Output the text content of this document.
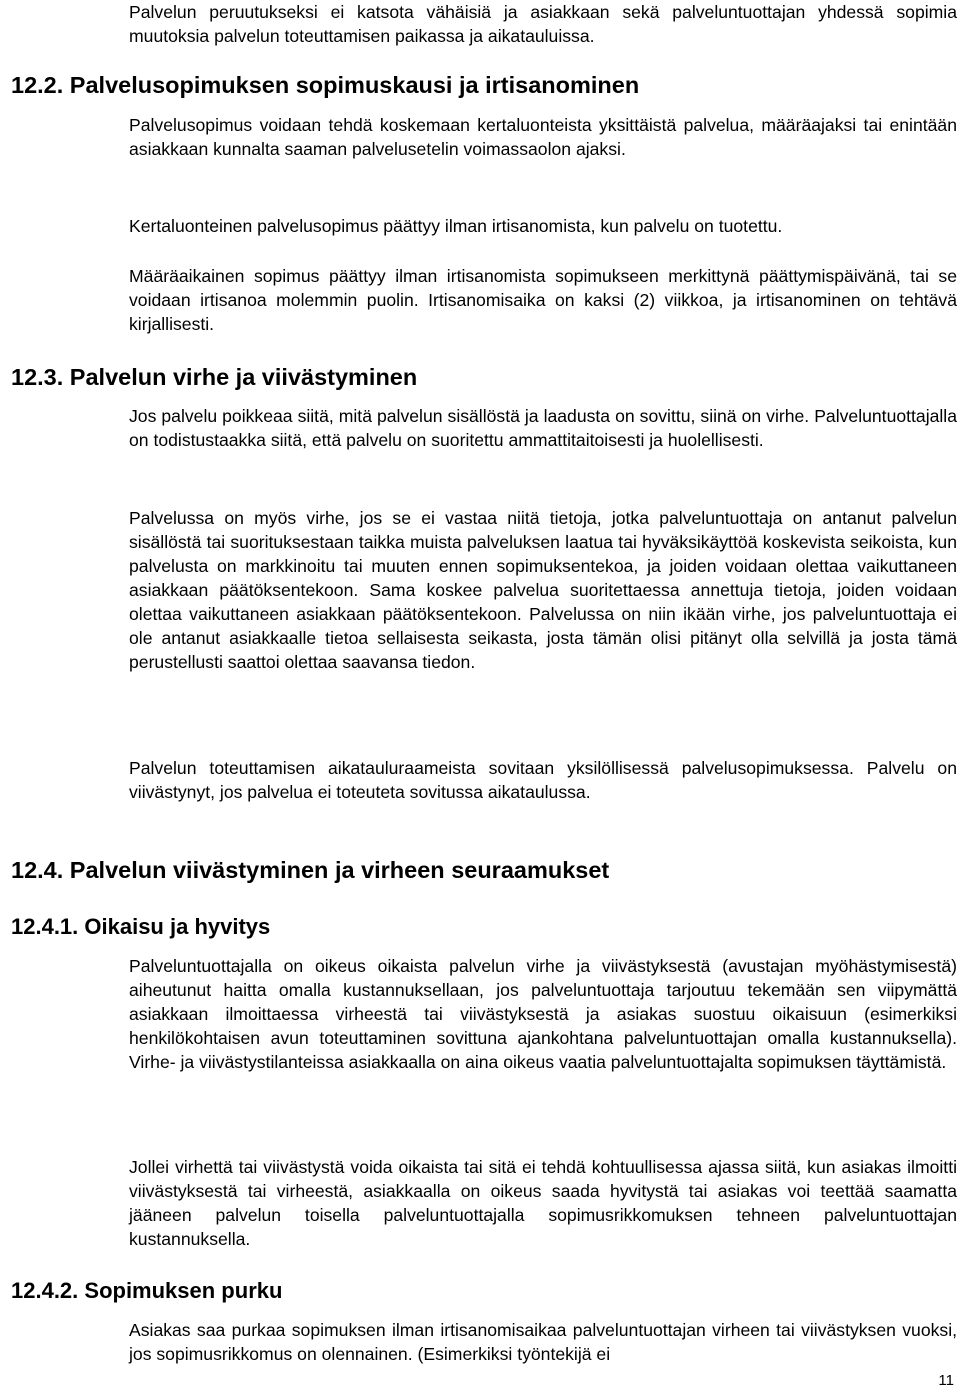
Palvelun peruutukseksi ei katsota vähäisiä ja asiakkaan sekä palveluntuottajan yhdessä sopimia muutoksia palvelun toteuttamisen paikassa ja aikatauluissa.

12.2. Palvelusopimuksen sopimuskausi ja irtisanominen

Palvelusopimus voidaan tehdä koskemaan kertaluonteista yksittäistä palvelua, määräajaksi tai enintään asiakkaan kunnalta saaman palvelusetelin voimassaolon ajaksi.

Kertaluonteinen palvelusopimus päättyy ilman irtisanomista, kun palvelu on tuotettu.

Määräaikainen sopimus päättyy ilman irtisanomista sopimukseen merkittynä päättymispäivänä, tai se voidaan irtisanoa molemmin puolin. Irtisanomisaika on kaksi (2) viikkoa, ja irtisanominen on tehtävä kirjallisesti.

12.3. Palvelun virhe ja viivästyminen

Jos palvelu poikkeaa siitä, mitä palvelun sisällöstä ja laadusta on sovittu, siinä on virhe. Palveluntuottajalla on todistustaakka siitä, että palvelu on suoritettu ammattitaitoisesti ja huolellisesti.

Palvelussa on myös virhe, jos se ei vastaa niitä tietoja, jotka palveluntuottaja on antanut palvelun sisällöstä tai suorituksestaan taikka muista palveluksen laatua tai hyväksikäyttöä koskevista seikoista, kun palvelusta on markkinoitu tai muuten ennen sopimuksentekoa, ja joiden voidaan olettaa vaikuttaneen asiakkaan päätöksentekoon. Sama koskee palvelua suoritettaessa annettuja tietoja, joiden voidaan olettaa vaikuttaneen asiakkaan päätöksentekoon. Palvelussa on niin ikään virhe, jos palveluntuottaja ei ole antanut asiakkaalle tietoa sellaisesta seikasta, josta tämän olisi pitänyt olla selvillä ja josta tämä perustellusti saattoi olettaa saavansa tiedon.

Palvelun toteuttamisen aikatauluraameista sovitaan yksilöllisessä palvelusopimuksessa. Palvelu on viivästynyt, jos palvelua ei toteuteta sovitussa aikataulussa.

12.4. Palvelun viivästyminen ja virheen seuraamukset
12.4.1. Oikaisu ja hyvitys

Palveluntuottajalla on oikeus oikaista palvelun virhe ja viivästyksestä (avustajan myöhästymisestä) aiheutunut haitta omalla kustannuksellaan, jos palveluntuottaja tarjoutuu tekemään sen viipymättä asiakkaan ilmoittaessa virheestä tai viivästyksestä ja asiakas suostuu oikaisuun (esimerkiksi henkilökohtaisen avun toteuttaminen sovittuna ajankohtana palveluntuottajan omalla kustannuksella). Virhe- ja viivästystilanteissa asiakkaalla on aina oikeus vaatia palveluntuottajalta sopimuksen täyttämistä.

Jollei virhettä tai viivästystä voida oikaista tai sitä ei tehdä kohtuullisessa ajassa siitä, kun asiakas ilmoitti viivästyksestä tai virheestä, asiakkaalla on oikeus saada hyvitystä tai asiakas voi teettää saamatta jääneen palvelun toisella palveluntuottajalla sopimusrikkomuksen tehneen palveluntuottajan kustannuksella.

12.4.2. Sopimuksen purku

Asiakas saa purkaa sopimuksen ilman irtisanomisaikaa palveluntuottajan virheen tai viivästyksen vuoksi, jos sopimusrikkomus on olennainen. (Esimerkiksi työntekijä ei

11
